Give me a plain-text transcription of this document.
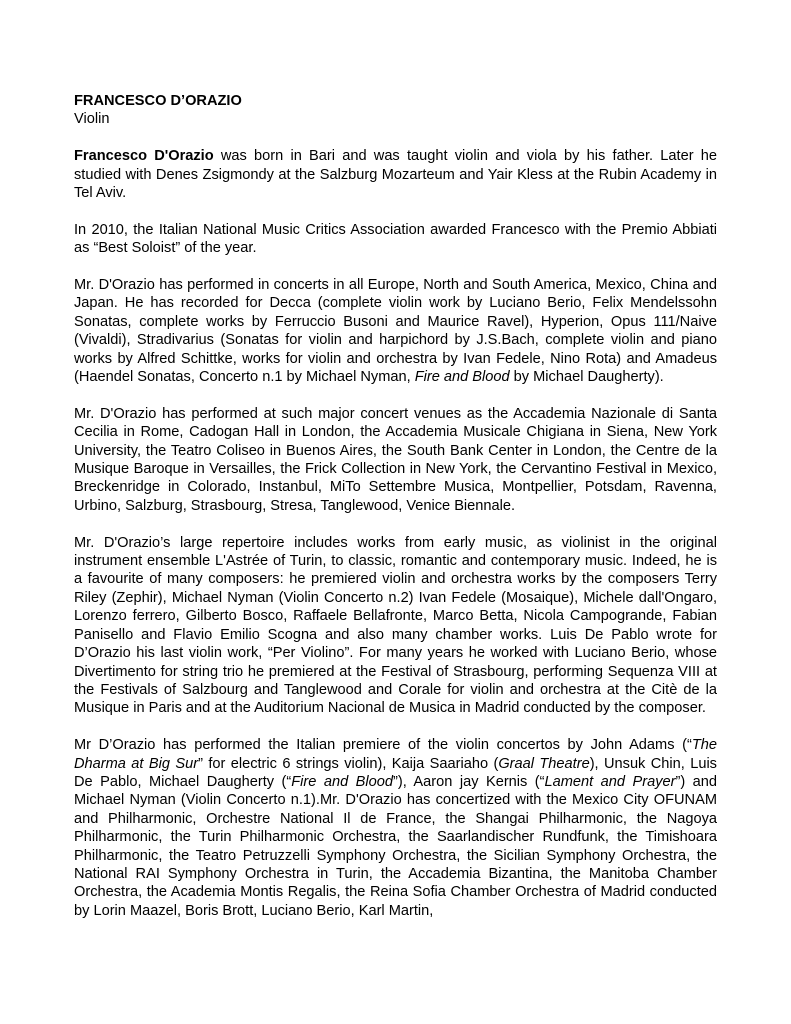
FRANCESCO D’ORAZIO
Violin

Francesco D'Orazio was born in Bari and was taught violin and viola by his father. Later he studied with Denes Zsigmondy at the Salzburg Mozarteum and Yair Kless at the Rubin Academy in Tel Aviv.

In 2010, the Italian National Music Critics Association awarded Francesco with the Premio Abbiati as “Best Soloist” of the year.

Mr. D'Orazio has performed in concerts in all Europe, North and South America, Mexico, China and Japan. He has recorded for Decca (complete violin work by Luciano Berio, Felix Mendelssohn Sonatas, complete works by Ferruccio Busoni and Maurice Ravel), Hyperion, Opus 111/Naive (Vivaldi), Stradivarius (Sonatas for violin and harpichord by J.S.Bach, complete violin and piano works by Alfred Schittke, works for violin and orchestra by Ivan Fedele, Nino Rota) and Amadeus (Haendel Sonatas, Concerto n.1 by Michael Nyman, Fire and Blood by Michael Daugherty).

Mr. D'Orazio has performed at such major concert venues as the Accademia Nazionale di Santa Cecilia in Rome, Cadogan Hall in London, the Accademia Musicale Chigiana in Siena, New York University, the Teatro Coliseo in Buenos Aires, the South Bank Center in London, the Centre de la Musique Baroque in Versailles, the Frick Collection in New York, the Cervantino Festival in Mexico, Breckenridge in Colorado, Instanbul, MiTo Settembre Musica, Montpellier, Potsdam, Ravenna, Urbino, Salzburg, Strasbourg, Stresa, Tanglewood, Venice Biennale.

Mr. D'Orazio’s large repertoire includes works from early music, as violinist in the original instrument ensemble L'Astrée of Turin, to classic, romantic and contemporary music. Indeed, he is a favourite of many composers: he premiered violin and orchestra works by the composers Terry Riley (Zephir), Michael Nyman (Violin Concerto n.2) Ivan Fedele (Mosaique), Michele dall'Ongaro, Lorenzo ferrero, Gilberto Bosco, Raffaele Bellafronte, Marco Betta, Nicola Campogrande, Fabian Panisello and Flavio Emilio Scogna and also many chamber works. Luis De Pablo wrote for D’Orazio his last violin work, “Per Violino”. For many years he worked with Luciano Berio, whose Divertimento for string trio he premiered at the Festival of Strasbourg, performing Sequenza VIII at the Festivals of Salzbourg and Tanglewood and Corale for violin and orchestra at the Citè de la Musique in Paris and at the Auditorium Nacional de Musica in Madrid conducted by the composer.

Mr D’Orazio has performed the Italian premiere of the violin concertos by John Adams (“The Dharma at Big Sur” for electric 6 strings violin), Kaija Saariaho (Graal Theatre), Unsuk Chin, Luis De Pablo, Michael Daugherty (“Fire and Blood”), Aaron jay Kernis (“Lament and Prayer”) and Michael Nyman (Violin Concerto n.1).Mr. D'Orazio has concertized with the Mexico City OFUNAM and Philharmonic, Orchestre National Il de France, the Shangai Philharmonic, the Nagoya Philharmonic, the Turin Philharmonic Orchestra, the Saarlandischer Rundfunk, the Timishoara Philharmonic, the Teatro Petruzzelli Symphony Orchestra, the Sicilian Symphony Orchestra, the National RAI Symphony Orchestra in Turin, the Accademia Bizantina, the Manitoba Chamber Orchestra, the Academia Montis Regalis, the Reina Sofia Chamber Orchestra of Madrid conducted by Lorin Maazel, Boris Brott, Luciano Berio, Karl Martin,
